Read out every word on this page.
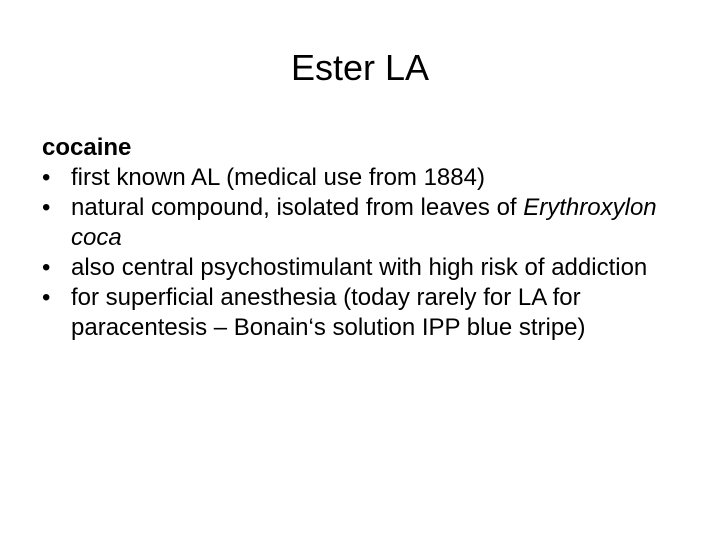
Ester LA

cocaine

• first known AL (medical use from 1884)
• natural compound, isolated from leaves of Erythroxylon coca
• also central psychostimulant with high risk of addiction
• for superficial anesthesia (today rarely for LA for paracentesis – Bonain‘s solution IPP blue stripe)
